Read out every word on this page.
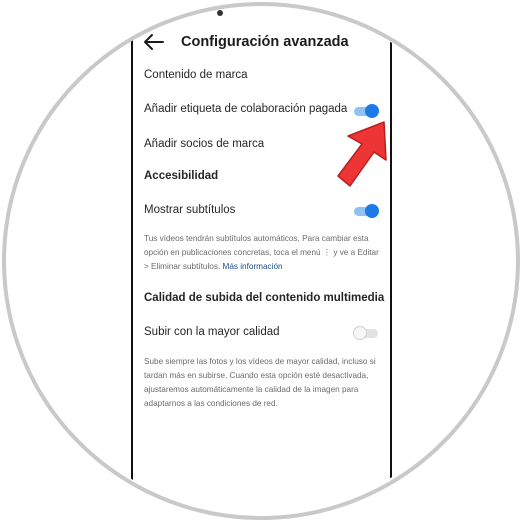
Configuración avanzada
Contenido de marca
Añadir etiqueta de colaboración pagada
Añadir socios de marca
Accesibilidad
Mostrar subtítulos
Tus vídeos tendrán subtítulos automáticos. Para cambiar esta
opción en publicaciones concretas, toca el menú ⋮ y ve a Editar
> Eliminar subtítulos. Más información
Calidad de subida del contenido multimedia
Subir con la mayor calidad
Sube siempre las fotos y los vídeos de mayor calidad, incluso si
tardan más en subirse. Cuando esta opción esté desactivada,
ajustaremos automáticamente la calidad de la imagen para
adaptarnos a las condiciones de red.
